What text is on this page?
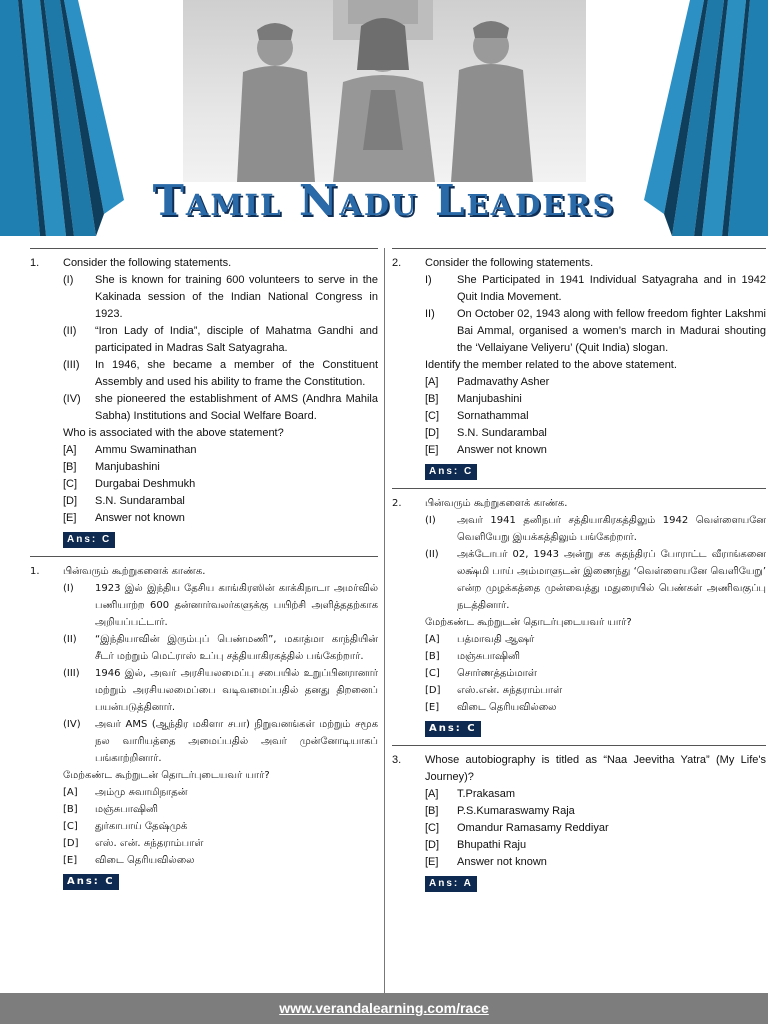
Tamil Nadu Leaders
1.	Consider the following statements.
(I)	She is known for training 600 volunteers to serve in the Kakinada session of the Indian National Congress in 1923.
(II)	“Iron Lady of India”, disciple of Mahatma Gandhi and participated in Madras Salt Satyagraha.
(III)	In 1946, she became a member of the Constituent Assembly and used his ability to frame the Constitution.
(IV)	she pioneered the establishment of AMS (Andhra Mahila Sabha) Institutions and Social Welfare Board.
Who is associated with the above statement?
[A]	Ammu Swaminathan
[B]	Manjubashini
[C]	Durgabai Deshmukh
[D]	S.N. Sundarambal
[E]	Answer not known
Ans: C
1.	பின்வரும் கூற்றுகளைக் காண்க.
(I)	1923 இல் இந்திய தேசிய காங்கிரஸின் காக்கிநாடா அமர்வில் பணியாற்ற 600 தன்னார்வலர்களுக்கு பயிற்சி அளித்ததற்காக அறியப்பட்டார்.
(II)	“இந்தியாவின் இரும்புப் பெண்மணி”, மகாத்மா காந்தியின் சீடர் மற்றும் மெட்ராஸ் உப்பு சத்தியாகிரகத்தில் பங்கேற்றார்.
(III)	1946 இல், அவர் அரசியலமைப்பு சபையில் உறுப்பினரானார் மற்றும் அரசியலமைப்பை வடிவமைப்பதில் தனது திறனைப் பயன்படுத்தினார்.
(IV)	அவர் AMS (ஆந்திர மகிளா சபா) நிறுவனங்கள் மற்றும் சமூக நல வாரியத்தை அமைப்பதில் அவர் முன்னோடியாகப் பங்காற்றினார்.
மேற்கண்ட கூற்றுடன் தொடர்புடையவர் யார்?
[A]	அம்மு சுவாமிநாதன்
[B]	மஞ்சுபாஷினி
[C]	துர்காபாய் தேஷ்முக்
[D]	எஸ். என். சுந்தராம்பாள்
[E]	விடை தெரியவில்லை
Ans: C
2.	Consider the following statements.
I)	She Participated in 1941 Individual Satyagraha and in 1942 Quit India Movement.
II)	On October 02, 1943 along with fellow freedom fighter Lakshmi Bai Ammal, organised a women’s march in Madurai shouting the ‘Vellaiyane Veliyeru’ (Quit India) slogan.
Identify the member related to the above statement.
[A]	Padmavathy Asher
[B]	Manjubashini
[C]	Sornathammal
[D]	S.N. Sundarambal
[E]	Answer not known
Ans: C
2.	பின்வரும் கூற்றுகளைக் காண்க.
(I)	அவர் 1941 தனிநபர் சத்தியாகிரகத்திலும் 1942 வெள்ளையனே வெளியேறு இயக்கத்திலும் பங்கேற்றார்.
(II)	அக்டோபர் 02, 1943 அன்று சக சுதந்திரப் போராட்ட வீராங்கனை லக்ஷ்மி பாய் அம்மாளுடன் இணைந்து ‘வெள்ளையனே வெளியேறு’ என்ற முழக்கத்தை முன்வைத்து மதுரையில் பெண்கள் அணிவகுப்பு நடத்தினார்.
மேற்கண்ட கூற்றுடன் தொடர்புடையவர் யார்?
[A]	பத்மாவதி ஆஷர்
[B]	மஞ்சுபாஷினி
[C]	சொர்ணத்தம்மாள்
[D]	எஸ்.என். சுந்தராம்பாள்
[E]	விடை தெரியவில்லை
Ans: C
3.	Whose autobiography is titled as “Naa Jeevitha Yatra” (My Life's Journey)?
[A]	T.Prakasam
[B]	P.S.Kumaraswamy Raja
[C]	Omandur Ramasamy Reddiyar
[D]	Bhupathi Raju
[E]	Answer not known
Ans: A
www.verandalearning.com/race
